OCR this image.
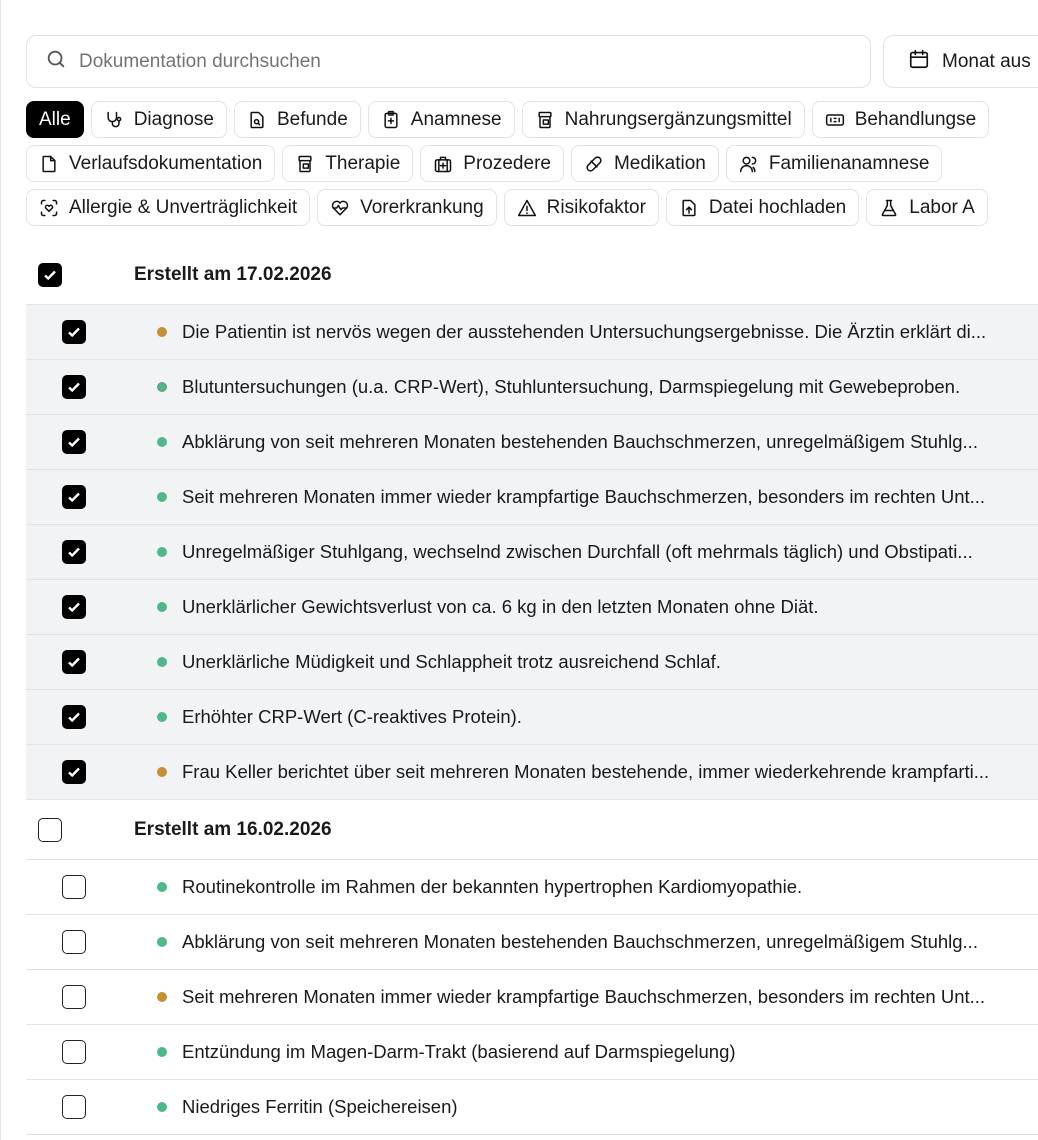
Dokumentation durchsuchen
Monat aus
Alle	Diagnose	Befunde	Anamnese	Nahrungsergänzungsmittel	Behandlungse
Verlaufsdokumentation	Therapie	Prozedere	Medikation	Familienanamnese
Allergie & Unverträglichkeit	Vorerkrankung	Risikofaktor	Datei hochladen	Labor A
Erstellt am 17.02.2026
Die Patientin ist nervös wegen der ausstehenden Untersuchungsergebnisse. Die Ärztin erklärt di...
Blutuntersuchungen (u.a. CRP-Wert), Stuhluntersuchung, Darmspiegelung mit Gewebeproben.
Abklärung von seit mehreren Monaten bestehenden Bauchschmerzen, unregelmäßigem Stuhlg...
Seit mehreren Monaten immer wieder krampfartige Bauchschmerzen, besonders im rechten Unt...
Unregelmäßiger Stuhlgang, wechselnd zwischen Durchfall (oft mehrmals täglich) und Obstipati...
Unerklärlicher Gewichtsverlust von ca. 6 kg in den letzten Monaten ohne Diät.
Unerklärliche Müdigkeit und Schlappheit trotz ausreichend Schlaf.
Erhöhter CRP-Wert (C-reaktives Protein).
Frau Keller berichtet über seit mehreren Monaten bestehende, immer wiederkehrende krampfarti...
Erstellt am 16.02.2026
Routinekontrolle im Rahmen der bekannten hypertrophen Kardiomyopathie.
Abklärung von seit mehreren Monaten bestehenden Bauchschmerzen, unregelmäßigem Stuhlg...
Seit mehreren Monaten immer wieder krampfartige Bauchschmerzen, besonders im rechten Unt...
Entzündung im Magen-Darm-Trakt (basierend auf Darmspiegelung)
Niedriges Ferritin (Speichereisen)
